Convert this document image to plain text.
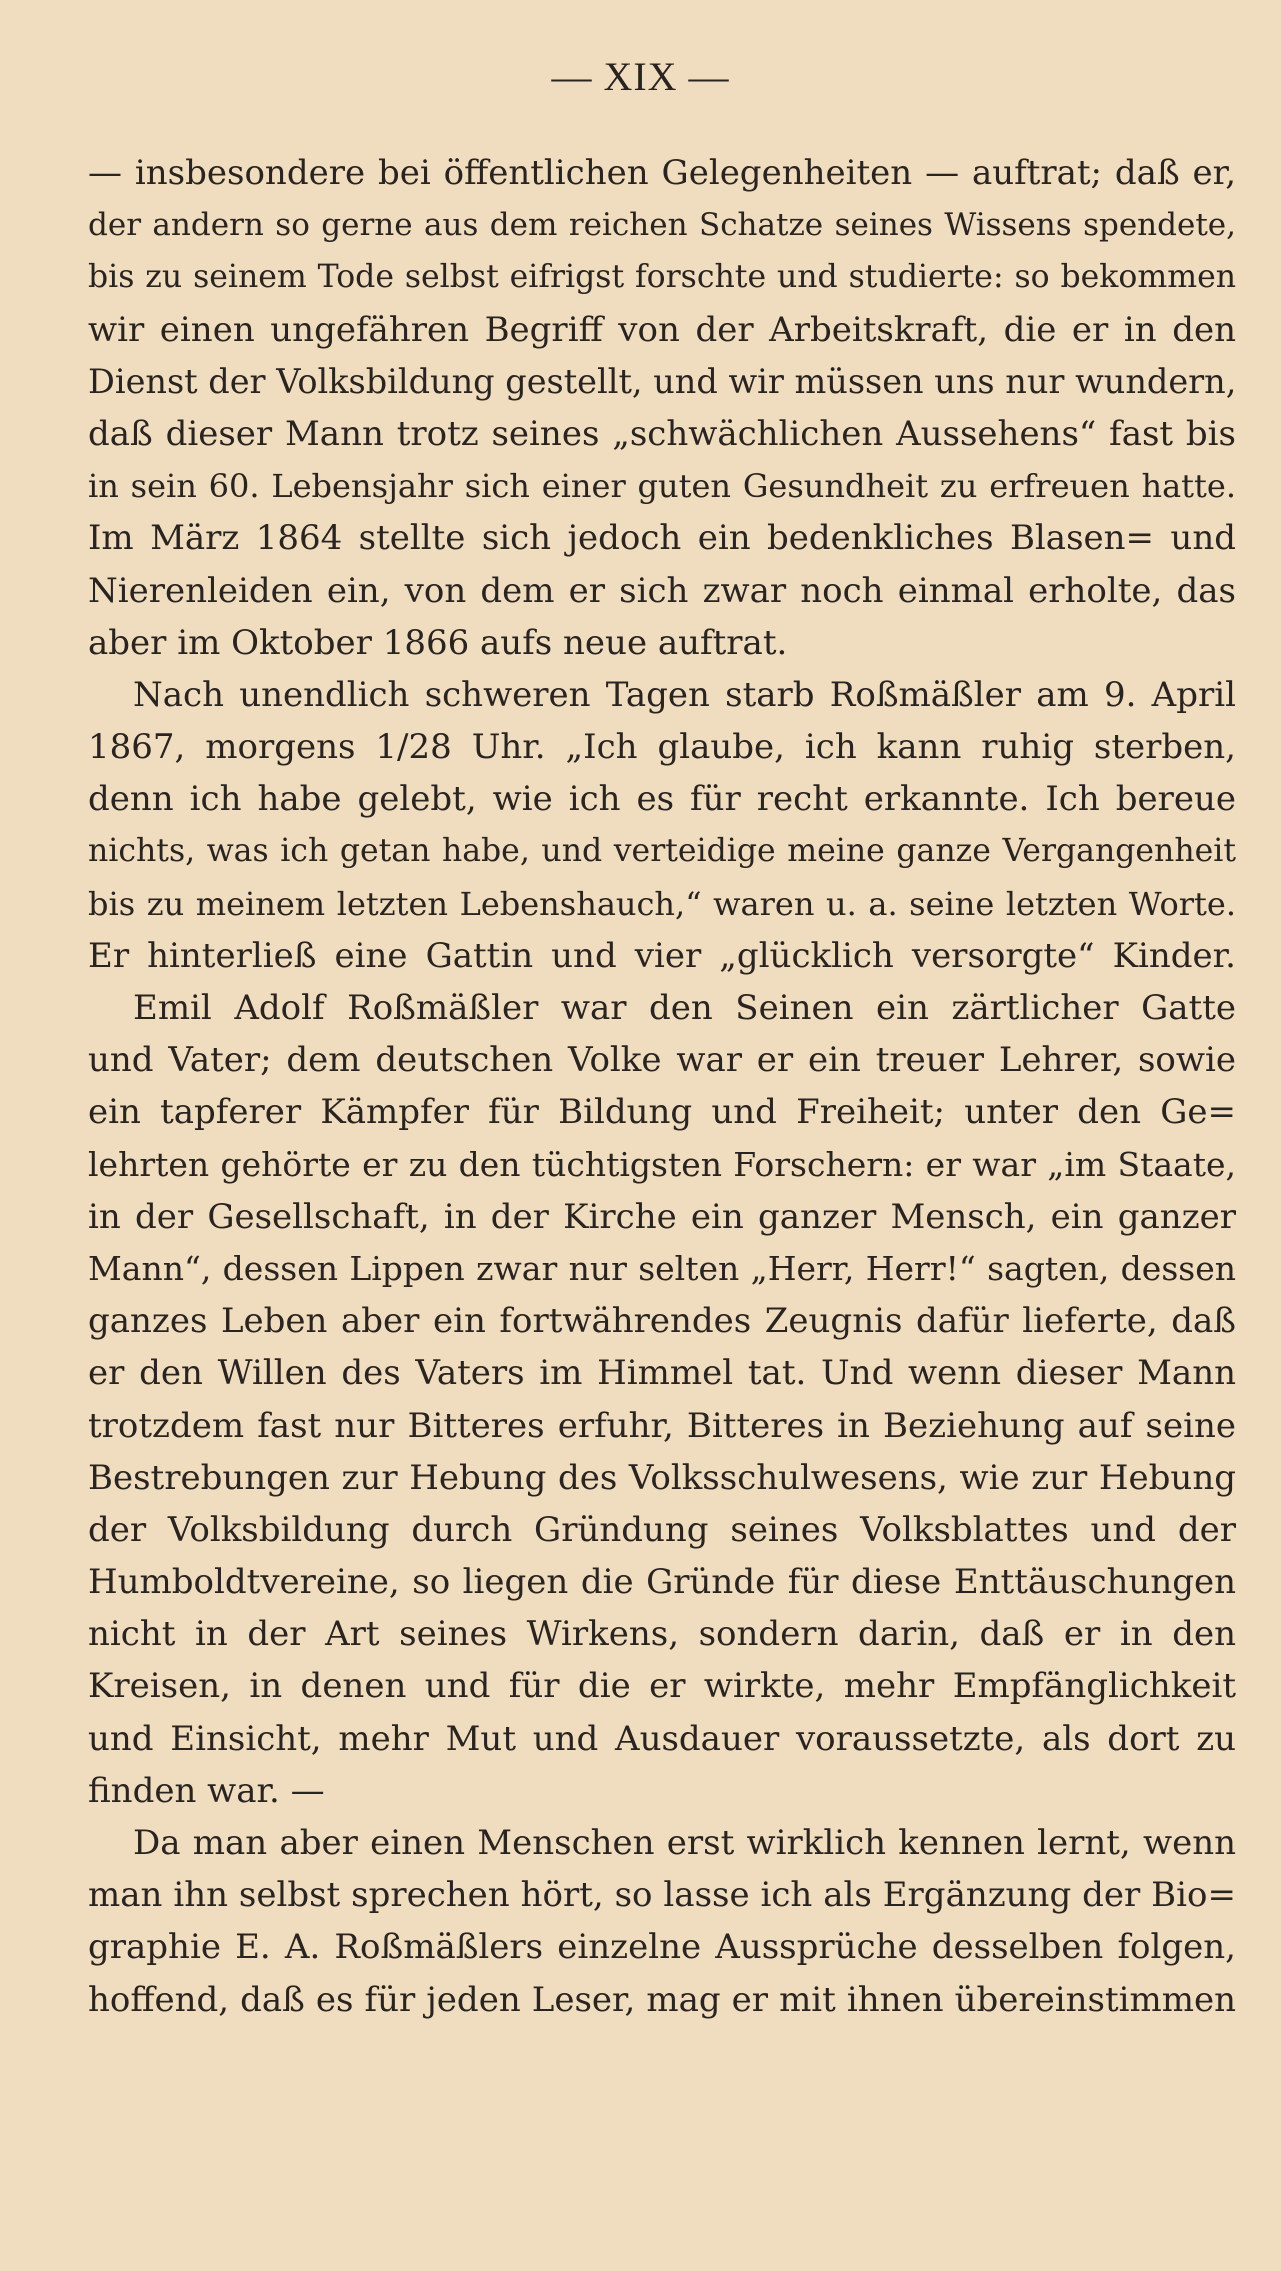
— XIX —
— insbesondere bei öffentlichen Gelegenheiten — auftrat; daß er,
der andern so gerne aus dem reichen Schatze seines Wissens spendete,
bis zu seinem Tode selbst eifrigst forschte und studierte: so bekommen
wir einen ungefähren Begriff von der Arbeitskraft, die er in den
Dienst der Volksbildung gestellt, und wir müssen uns nur wundern,
daß dieser Mann trotz seines „schwächlichen Aussehens“ fast bis
in sein 60. Lebensjahr sich einer guten Gesundheit zu erfreuen hatte.
Im März 1864 stellte sich jedoch ein bedenkliches Blasen= und
Nierenleiden ein, von dem er sich zwar noch einmal erholte, das
aber im Oktober 1866 aufs neue auftrat.
Nach unendlich schweren Tagen starb Roßmäßler am 9. April
1867, morgens 1/28 Uhr. „Ich glaube, ich kann ruhig sterben,
denn ich habe gelebt, wie ich es für recht erkannte. Ich bereue
nichts, was ich getan habe, und verteidige meine ganze Vergangenheit
bis zu meinem letzten Lebenshauch,“ waren u. a. seine letzten Worte.
Er hinterließ eine Gattin und vier „glücklich versorgte“ Kinder.
Emil Adolf Roßmäßler war den Seinen ein zärtlicher Gatte
und Vater; dem deutschen Volke war er ein treuer Lehrer, sowie
ein tapferer Kämpfer für Bildung und Freiheit; unter den Ge=
lehrten gehörte er zu den tüchtigsten Forschern: er war „im Staate,
in der Gesellschaft, in der Kirche ein ganzer Mensch, ein ganzer
Mann“, dessen Lippen zwar nur selten „Herr, Herr!“ sagten, dessen
ganzes Leben aber ein fortwährendes Zeugnis dafür lieferte, daß
er den Willen des Vaters im Himmel tat. Und wenn dieser Mann
trotzdem fast nur Bitteres erfuhr, Bitteres in Beziehung auf seine
Bestrebungen zur Hebung des Volksschulwesens, wie zur Hebung
der Volksbildung durch Gründung seines Volksblattes und der
Humboldtvereine, so liegen die Gründe für diese Enttäuschungen
nicht in der Art seines Wirkens, sondern darin, daß er in den
Kreisen, in denen und für die er wirkte, mehr Empfänglichkeit
und Einsicht, mehr Mut und Ausdauer voraussetzte, als dort zu
finden war. —
Da man aber einen Menschen erst wirklich kennen lernt, wenn
man ihn selbst sprechen hört, so lasse ich als Ergänzung der Bio=
graphie E. A. Roßmäßlers einzelne Aussprüche desselben folgen,
hoffend, daß es für jeden Leser, mag er mit ihnen übereinstimmen
